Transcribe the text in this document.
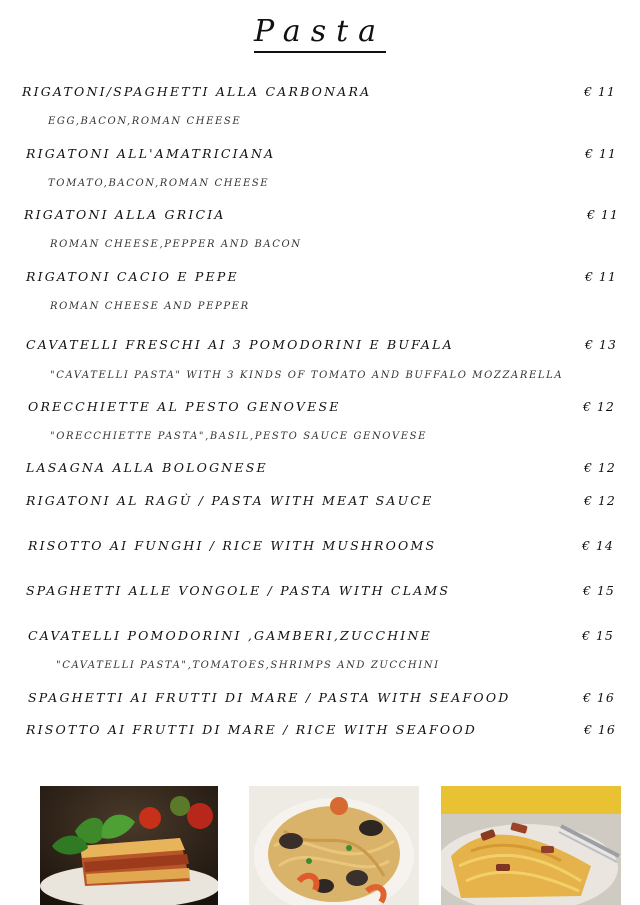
Pasta
RIGATONI/SPAGHETTI ALLA CARBONARA	€ 11
EGG,BACON,ROMAN CHEESE
RIGATONI ALL'AMATRICIANA	€ 11
TOMATO,BACON,ROMAN CHEESE
RIGATONI ALLA GRICIA	€ 11
ROMAN CHEESE,PEPPER AND BACON
RIGATONI CACIO E PEPE	€ 11
ROMAN CHEESE AND PEPPER
CAVATELLI FRESCHI AI 3 POMODORINI E BUFALA	€ 13
"CAVATELLI PASTA" WITH 3 KINDS OF TOMATO AND BUFFALO MOZZARELLA
ORECCHIETTE AL PESTO GENOVESE	€ 12
"ORECCHIETTE PASTA",BASIL,PESTO SAUCE GENOVESE
LASAGNA ALLA BOLOGNESE	€ 12
RIGATONI AL RAGÙ / PASTA WITH MEAT SAUCE	€ 12
RISOTTO AI FUNGHI / RICE WITH MUSHROOMS	€ 14
SPAGHETTI ALLE VONGOLE / PASTA WITH CLAMS	€ 15
CAVATELLI POMODORINI ,GAMBERI,ZUCCHINE	€ 15
"CAVATELLI PASTA",TOMATOES,SHRIMPS AND ZUCCHINI
SPAGHETTI AI FRUTTI DI MARE / PASTA WITH SEAFOOD	€ 16
RISOTTO AI FRUTTI DI MARE / RICE WITH SEAFOOD	€ 16
